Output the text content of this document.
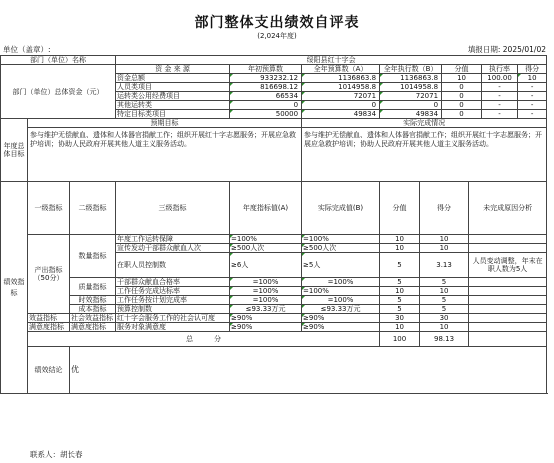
部门整体支出绩效自评表
(2,024年度)
单位（盖章）:	填报日期: 2025/01/02
部门（单位）名称			绥阳县红十字会								
部门（单位）总体资金（元）			资 金 来 源	年初预算数	全年预算数（A）	全年执行数（B）		分值		执行率	得分
			资金总额	933232.12	1136863.8	1136863.8		10		100.00	10
			人员类项目	816698.12	1014958.8	1014958.8		0		-	-
			运转类公用经费项目	66534	72071	72071		0		-	-
			其他运转类	0	0	0		0		-	-
			特定目标类项目	50000	49834	49834		0		-	-
年度总体目标	预期目标				实际完成情况						
	参与维护无偿献血、遗体和人体器官捐献工作；组织开展红十字志愿服务；开展应急救护培训；协助人民政府开展其他人道主义服务活动。				参与维护无偿献血、遗体和人体器官捐献工作；组织开展红十字志愿服务；开展应急救护培训；协助人民政府开展其他人道主义服务活动。						
绩效指标	一级指标	二级指标	三级指标	年度指标值(A)	实际完成值(B)	分值	得分		未完成原因分析		
	产出指标（50分）	数量指标	年度工作运转保障	=100%	=100%	10	10				
			宣传发动干部群众献血人次	≥500人次	≥500人次	10	10				
			在职人员控制数	≥6人	≥5人	5	3.13		人员变动调整，年末在职人数为5人		
		质量指标	干部群众献血合格率	=100%	=100%	5	5				
			工作任务完成达标率	=100%	=100%	10	10				
		时效指标	工作任务按计划完成率	=100%	=100%	5	5				
		成本指标	预算控制数	≤93.33万元	≤93.33万元	5	5				
	效益指标	社会效益指标	红十字会服务工作的社会认可度	≥90%	≥90%	30	30				
	满意度指标	满意度指标	服务对象满意度	≥90%	≥90%	10	10				
	总　　　分					100	98.13				
	绩效结论	优									
联系人：胡长春
